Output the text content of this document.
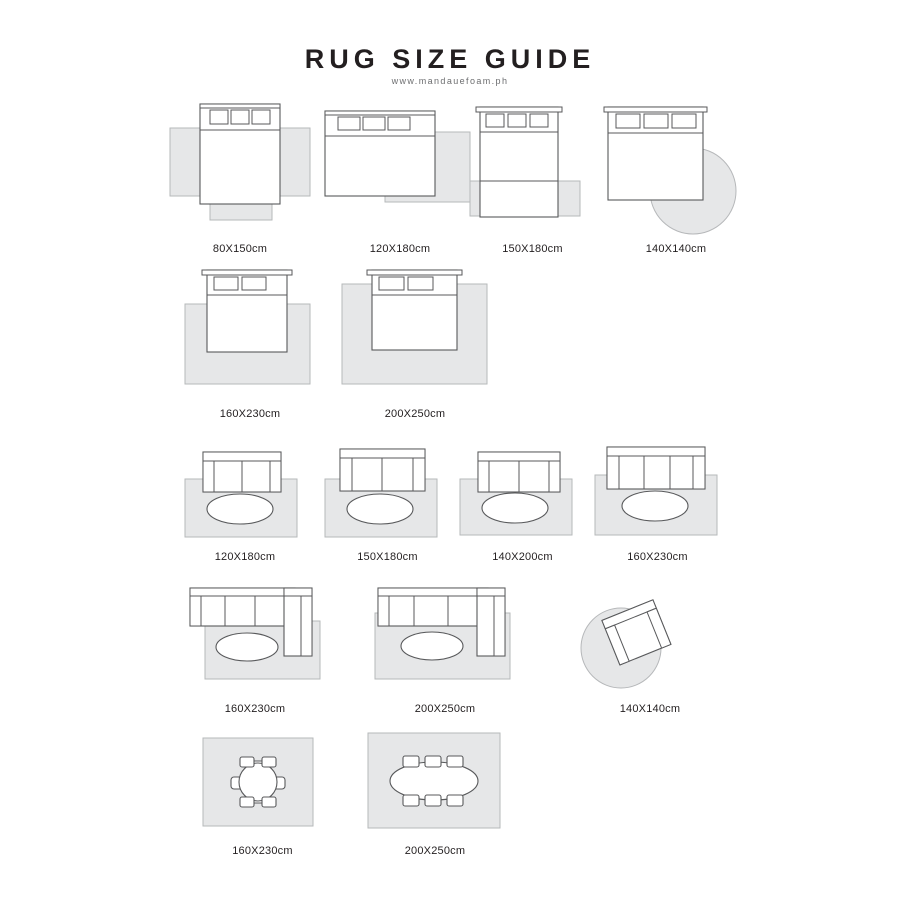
RUG SIZE GUIDE
www.mandauefoam.ph
80X150cm	120X180cm	150X180cm	140X140cm
160X230cm	200X250cm
120X180cm	150X180cm	140X200cm	160X230cm
160X230cm	200X250cm	140X140cm
160X230cm	200X250cm
